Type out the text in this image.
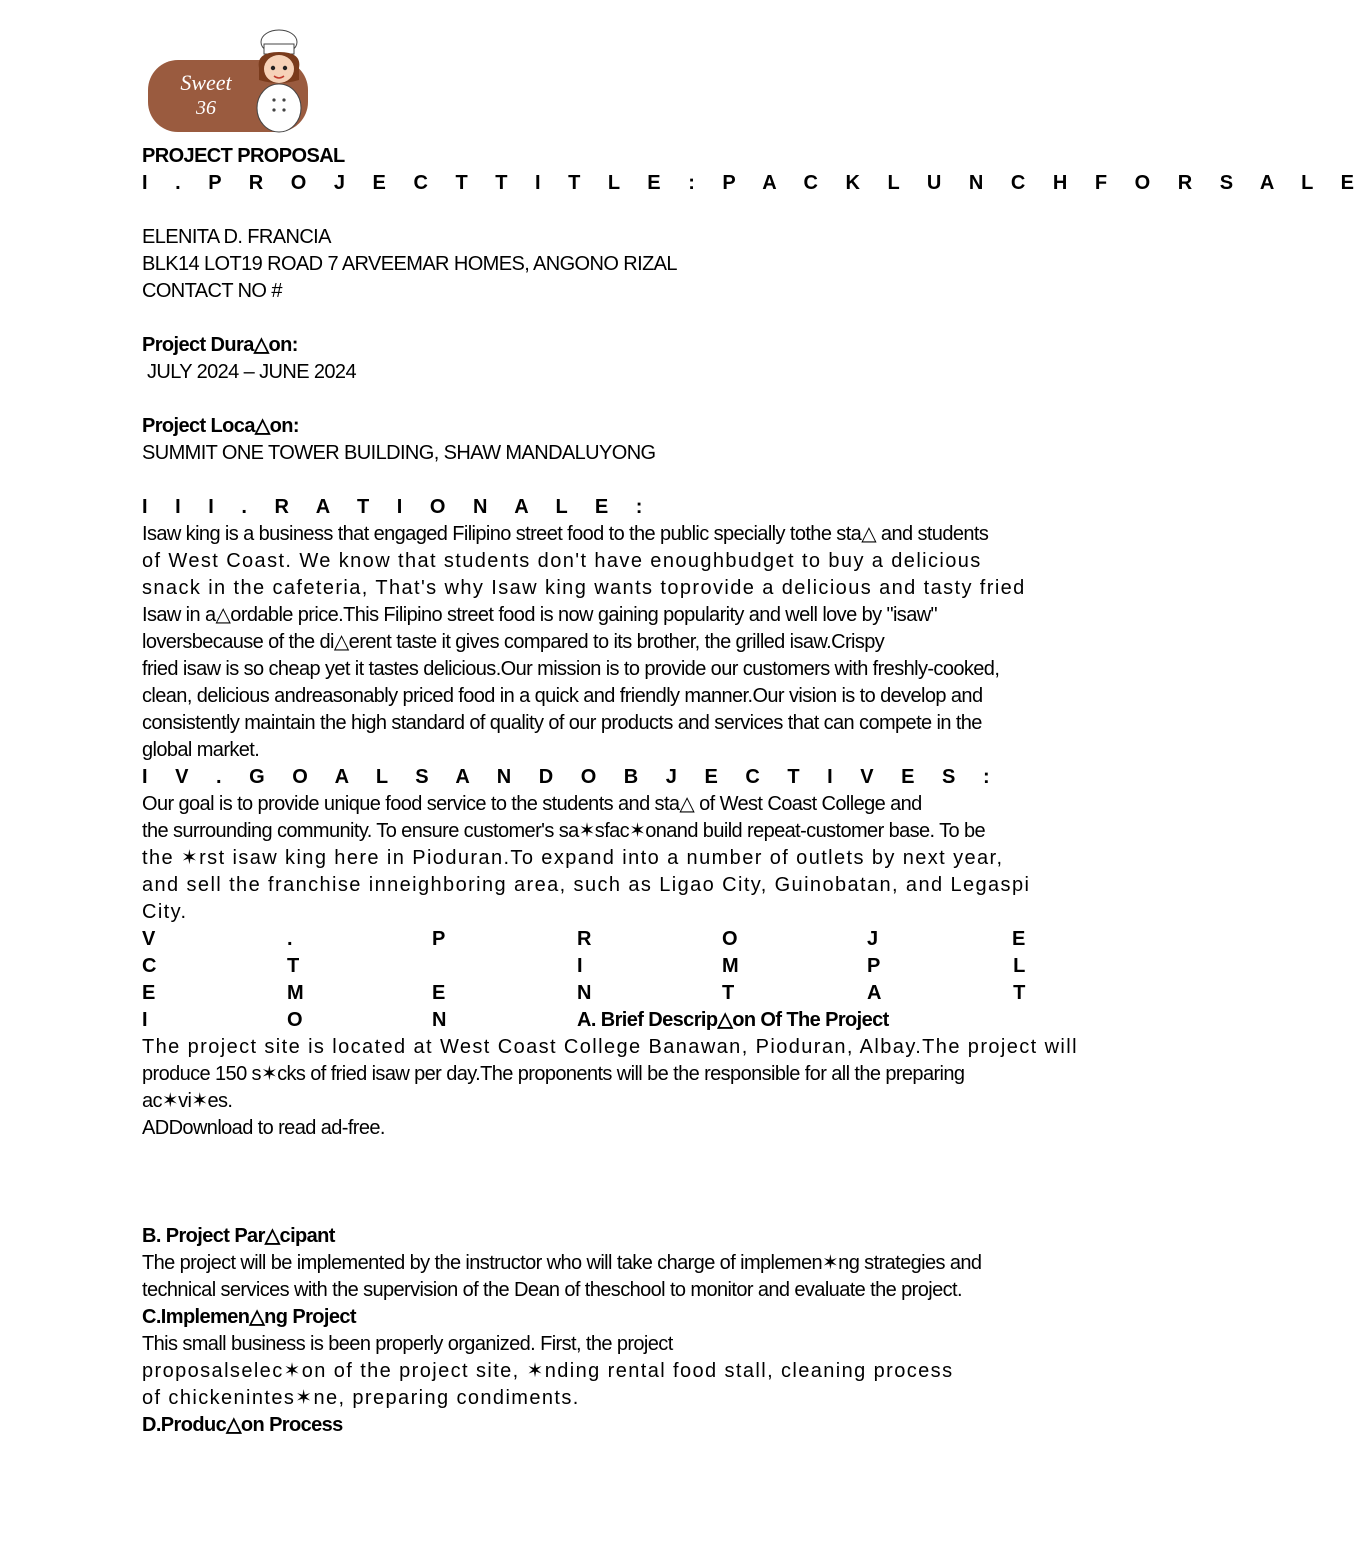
Sweet
36
PROJECT PROPOSAL
I . P R O J E C T T I T L E : P A C K L U N C H F O R S A L E
ELENITA D. FRANCIA
BLK14 LOT19 ROAD 7 ARVEEMAR HOMES, ANGONO RIZAL
CONTACT NO #
Project Dura△on:
JULY 2024 – JUNE 2024
Project Loca△on:
SUMMIT ONE TOWER BUILDING, SHAW MANDALUYONG
I I I . R A T I O N A L E :
Isaw king is a business that engaged Filipino street food to the public specially tothe sta△ and students
of West Coast. We know that students don't have enoughbudget to buy a delicious
snack in the cafeteria, That's why Isaw king wants toprovide a delicious and tasty fried
Isaw in a△ordable price.This Filipino street food is now gaining popularity and well love by "isaw"
loversbecause of the di△erent taste it gives compared to its brother, the grilled isaw.Crispy
fried isaw is so cheap yet it tastes delicious.Our mission is to provide our customers with freshly-cooked,
clean, delicious andreasonably priced food in a quick and friendly manner.Our vision is to develop and
consistently maintain the high standard of quality of our products and services that can compete in the
global market.
I V . G O A L S A N D O B J E C T I V E S :
Our goal is to provide unique food service to the students and sta△ of West Coast College and
the surrounding community. To ensure customer's sa✶sfac✶onand build repeat-customer base. To be
the ✶rst isaw king here in Pioduran.To expand into a number of outlets by next year,
and sell the franchise inneighboring area, such as Ligao City, Guinobatan, and Legaspi City.
V	.	P	R	O	J	E
C	T	I	M	P	L
E	M	E	N	T	A	T
I	O	N	A. Brief Descrip△on Of The Project
The project site is located at West Coast College Banawan, Pioduran, Albay.The project will
produce 150 s✶cks of fried isaw per day.The proponents will be the responsible for all the preparing
ac✶vi✶es.
ADDownload to read ad-free.
B. Project Par△cipant
The project will be implemented by the instructor who will take charge of implemen✶ng strategies and
technical services with the supervision of the Dean of theschool to monitor and evaluate the project.
C.Implemen△ng Project
This small business is been properly organized. First, the project
proposalselec✶on of the project site, ✶nding rental food stall, cleaning process
of chickenintes✶ne, preparing condiments.
D.Produc△on Process
